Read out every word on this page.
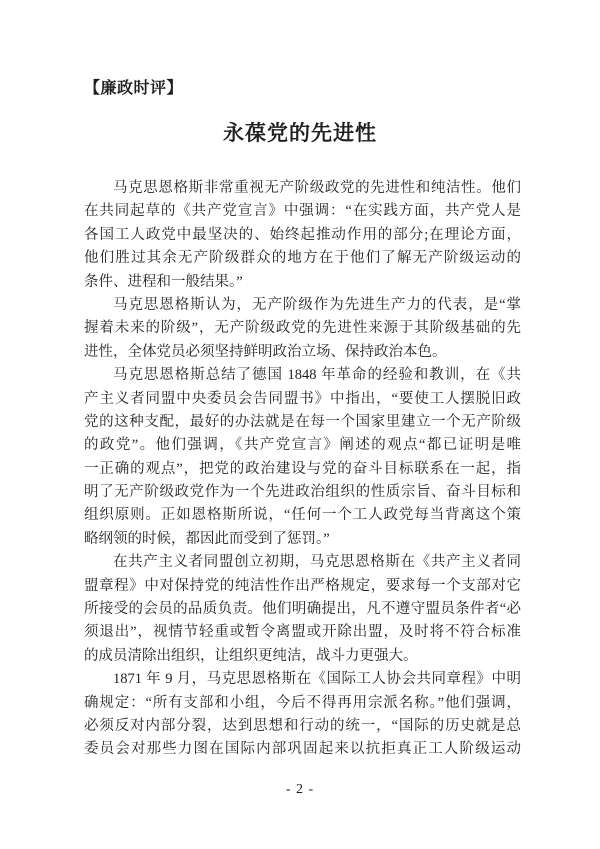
【廉政时评】
永葆党的先进性
马克思恩格斯非常重视无产阶级政党的先进性和纯洁性。他们
在共同起草的《共产党宣言》中强调：“在实践方面，共产党人是
各国工人政党中最坚决的、始终起推动作用的部分;在理论方面，
他们胜过其余无产阶级群众的地方在于他们了解无产阶级运动的
条件、进程和一般结果。”
马克思恩格斯认为，无产阶级作为先进生产力的代表，是“掌
握着未来的阶级”，无产阶级政党的先进性来源于其阶级基础的先
进性，全体党员必须坚持鲜明政治立场、保持政治本色。
马克思恩格斯总结了德国 1848 年革命的经验和教训，在《共
产主义者同盟中央委员会告同盟书》中指出，“要使工人摆脱旧政
党的这种支配，最好的办法就是在每一个国家里建立一个无产阶级
的政党”。他们强调，《共产党宣言》阐述的观点“都已证明是唯
一正确的观点”，把党的政治建设与党的奋斗目标联系在一起，指
明了无产阶级政党作为一个先进政治组织的性质宗旨、奋斗目标和
组织原则。正如恩格斯所说，“任何一个工人政党每当背离这个策
略纲领的时候，都因此而受到了惩罚。”
在共产主义者同盟创立初期，马克思恩格斯在《共产主义者同
盟章程》中对保持党的纯洁性作出严格规定，要求每一个支部对它
所接受的会员的品质负责。他们明确提出，凡不遵守盟员条件者“必
须退出”，视情节轻重或暂令离盟或开除出盟，及时将不符合标准
的成员清除出组织，让组织更纯洁，战斗力更强大。
1871 年 9 月，马克思恩格斯在《国际工人协会共同章程》中明
确规定：“所有支部和小组，今后不得再用宗派名称。”他们强调，
必须反对内部分裂，达到思想和行动的统一，“国际的历史就是总
委员会对那些力图在国际内部巩固起来以抗拒真正工人阶级运动
- 2 -
